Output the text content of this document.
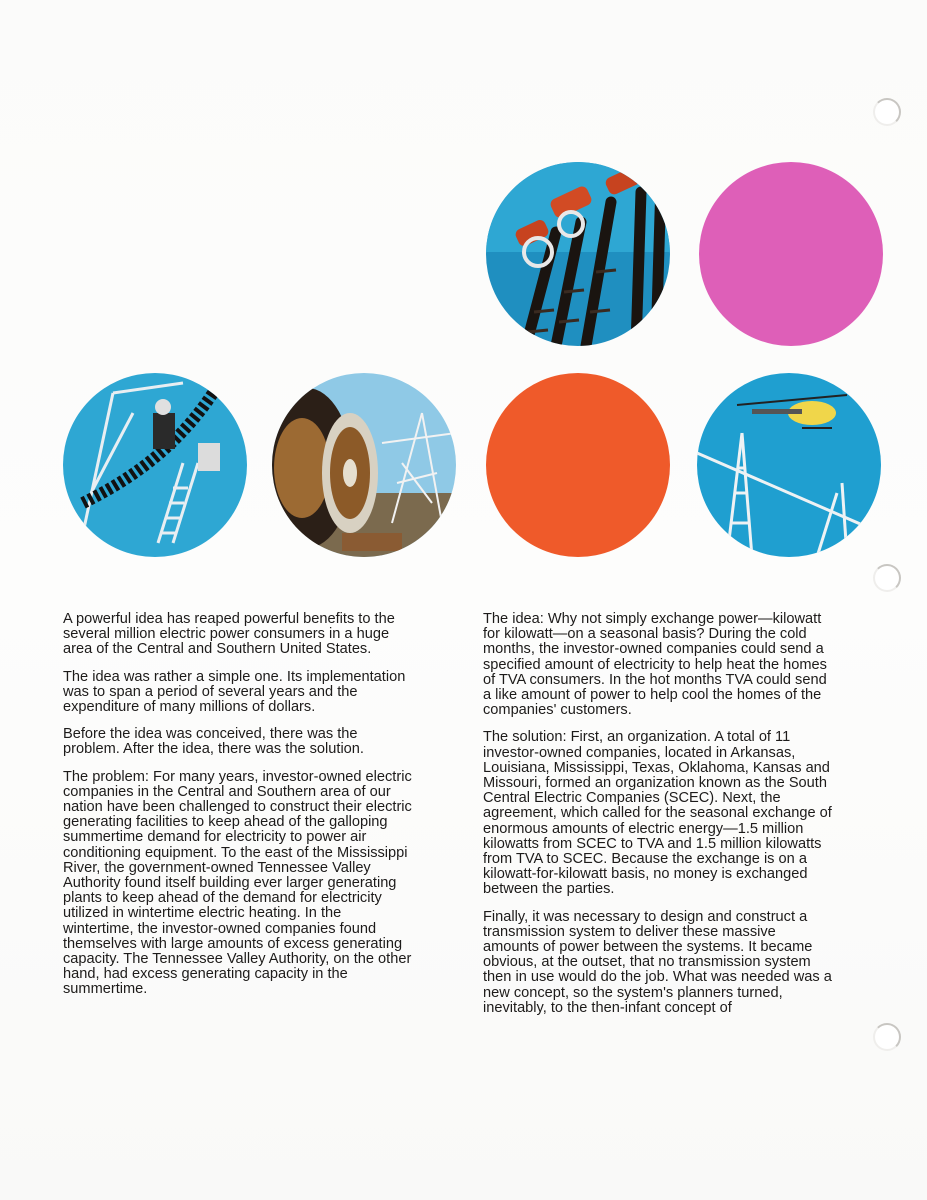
A powerful idea has reaped powerful benefits to the several million electric power consumers in a huge area of the Central and Southern United States.

The idea was rather a simple one. Its implementation was to span a period of several years and the expenditure of many millions of dollars.

Before the idea was conceived, there was the problem. After the idea, there was the solution.

The problem: For many years, investor-owned electric companies in the Central and Southern area of our nation have been challenged to construct their electric generating facilities to keep ahead of the galloping summertime demand for electricity to power air conditioning equipment. To the east of the Mississippi River, the government-owned Tennessee Valley Authority found itself building ever larger generating plants to keep ahead of the demand for electricity utilized in wintertime electric heating. In the wintertime, the investor-owned companies found themselves with large amounts of excess generating capacity. The Tennessee Valley Authority, on the other hand, had excess generating capacity in the summertime.

The idea: Why not simply exchange power—kilowatt for kilowatt—on a seasonal basis? During the cold months, the investor-owned companies could send a specified amount of electricity to help heat the homes of TVA consumers. In the hot months TVA could send a like amount of power to help cool the homes of the companies' customers.

The solution: First, an organization. A total of 11 investor-owned companies, located in Arkansas, Louisiana, Mississippi, Texas, Oklahoma, Kansas and Missouri, formed an organization known as the South Central Electric Companies (SCEC). Next, the agreement, which called for the seasonal exchange of enormous amounts of electric energy—1.5 million kilowatts from SCEC to TVA and 1.5 million kilowatts from TVA to SCEC. Because the exchange is on a kilowatt-for-kilowatt basis, no money is exchanged between the parties.

Finally, it was necessary to design and construct a transmission system to deliver these massive amounts of power between the systems. It became obvious, at the outset, that no transmission system then in use would do the job. What was needed was a new concept, so the system's planners turned, inevitably, to the then-infant concept of
